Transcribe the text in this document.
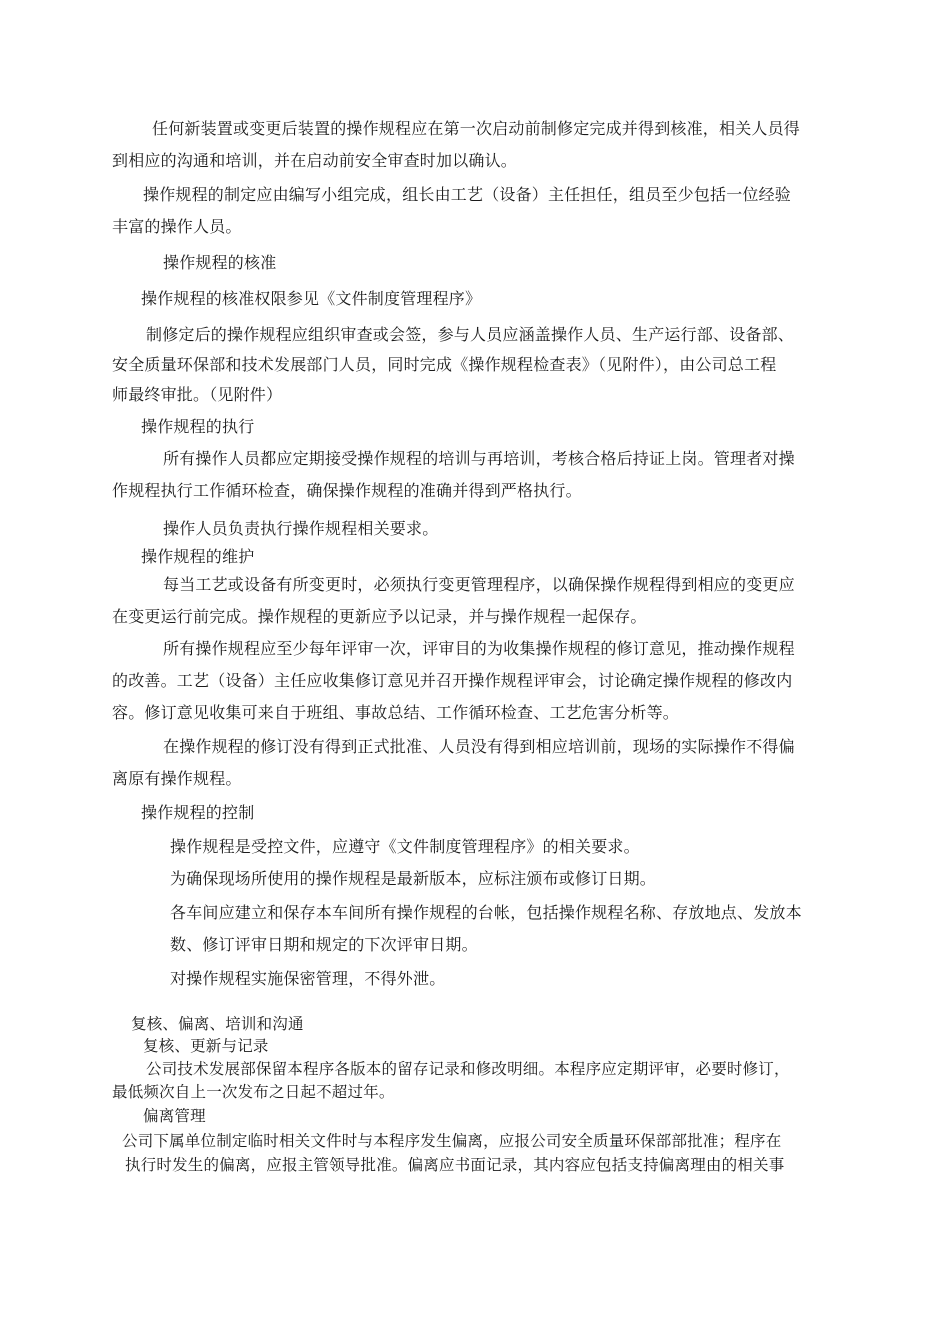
任何新装置或变更后装置的操作规程应在第一次启动前制修定完成并得到核准，相关人员得

到相应的沟通和培训，并在启动前安全审查时加以确认。

操作规程的制定应由编写小组完成，组长由工艺（设备）主任担任，组员至少包括一位经验

丰富的操作人员。

操作规程的核准

操作规程的核准权限参见《文件制度管理程序》

制修定后的操作规程应组织审查或会签，参与人员应涵盖操作人员、生产运行部、设备部、

安全质量环保部和技术发展部门人员，同时完成《操作规程检查表》（见附件），由公司总工程

师最终审批。（见附件）

操作规程的执行

所有操作人员都应定期接受操作规程的培训与再培训，考核合格后持证上岗。管理者对操

作规程执行工作循环检查，确保操作规程的准确并得到严格执行。

操作人员负责执行操作规程相关要求。

操作规程的维护

每当工艺或设备有所变更时，必须执行变更管理程序，以确保操作规程得到相应的变更应

在变更运行前完成。操作规程的更新应予以记录，并与操作规程一起保存。

所有操作规程应至少每年评审一次，评审目的为收集操作规程的修订意见，推动操作规程

的改善。工艺（设备）主任应收集修订意见并召开操作规程评审会，讨论确定操作规程的修改内

容。修订意见收集可来自于班组、事故总结、工作循环检查、工艺危害分析等。

在操作规程的修订没有得到正式批准、人员没有得到相应培训前，现场的实际操作不得偏

离原有操作规程。

操作规程的控制

操作规程是受控文件，应遵守《文件制度管理程序》的相关要求。

为确保现场所使用的操作规程是最新版本，应标注颁布或修订日期。

各车间应建立和保存本车间所有操作规程的台帐，包括操作规程名称、存放地点、发放本

数、修订评审日期和规定的下次评审日期。

对操作规程实施保密管理，不得外泄。

复核、偏离、培训和沟通

复核、更新与记录

公司技术发展部保留本程序各版本的留存记录和修改明细。本程序应定期评审，必要时修订，

最低频次自上一次发布之日起不超过年。

偏离管理

公司下属单位制定临时相关文件时与本程序发生偏离，应报公司安全质量环保部部批准；程序在

执行时发生的偏离，应报主管领导批准。偏离应书面记录，其内容应包括支持偏离理由的相关事
